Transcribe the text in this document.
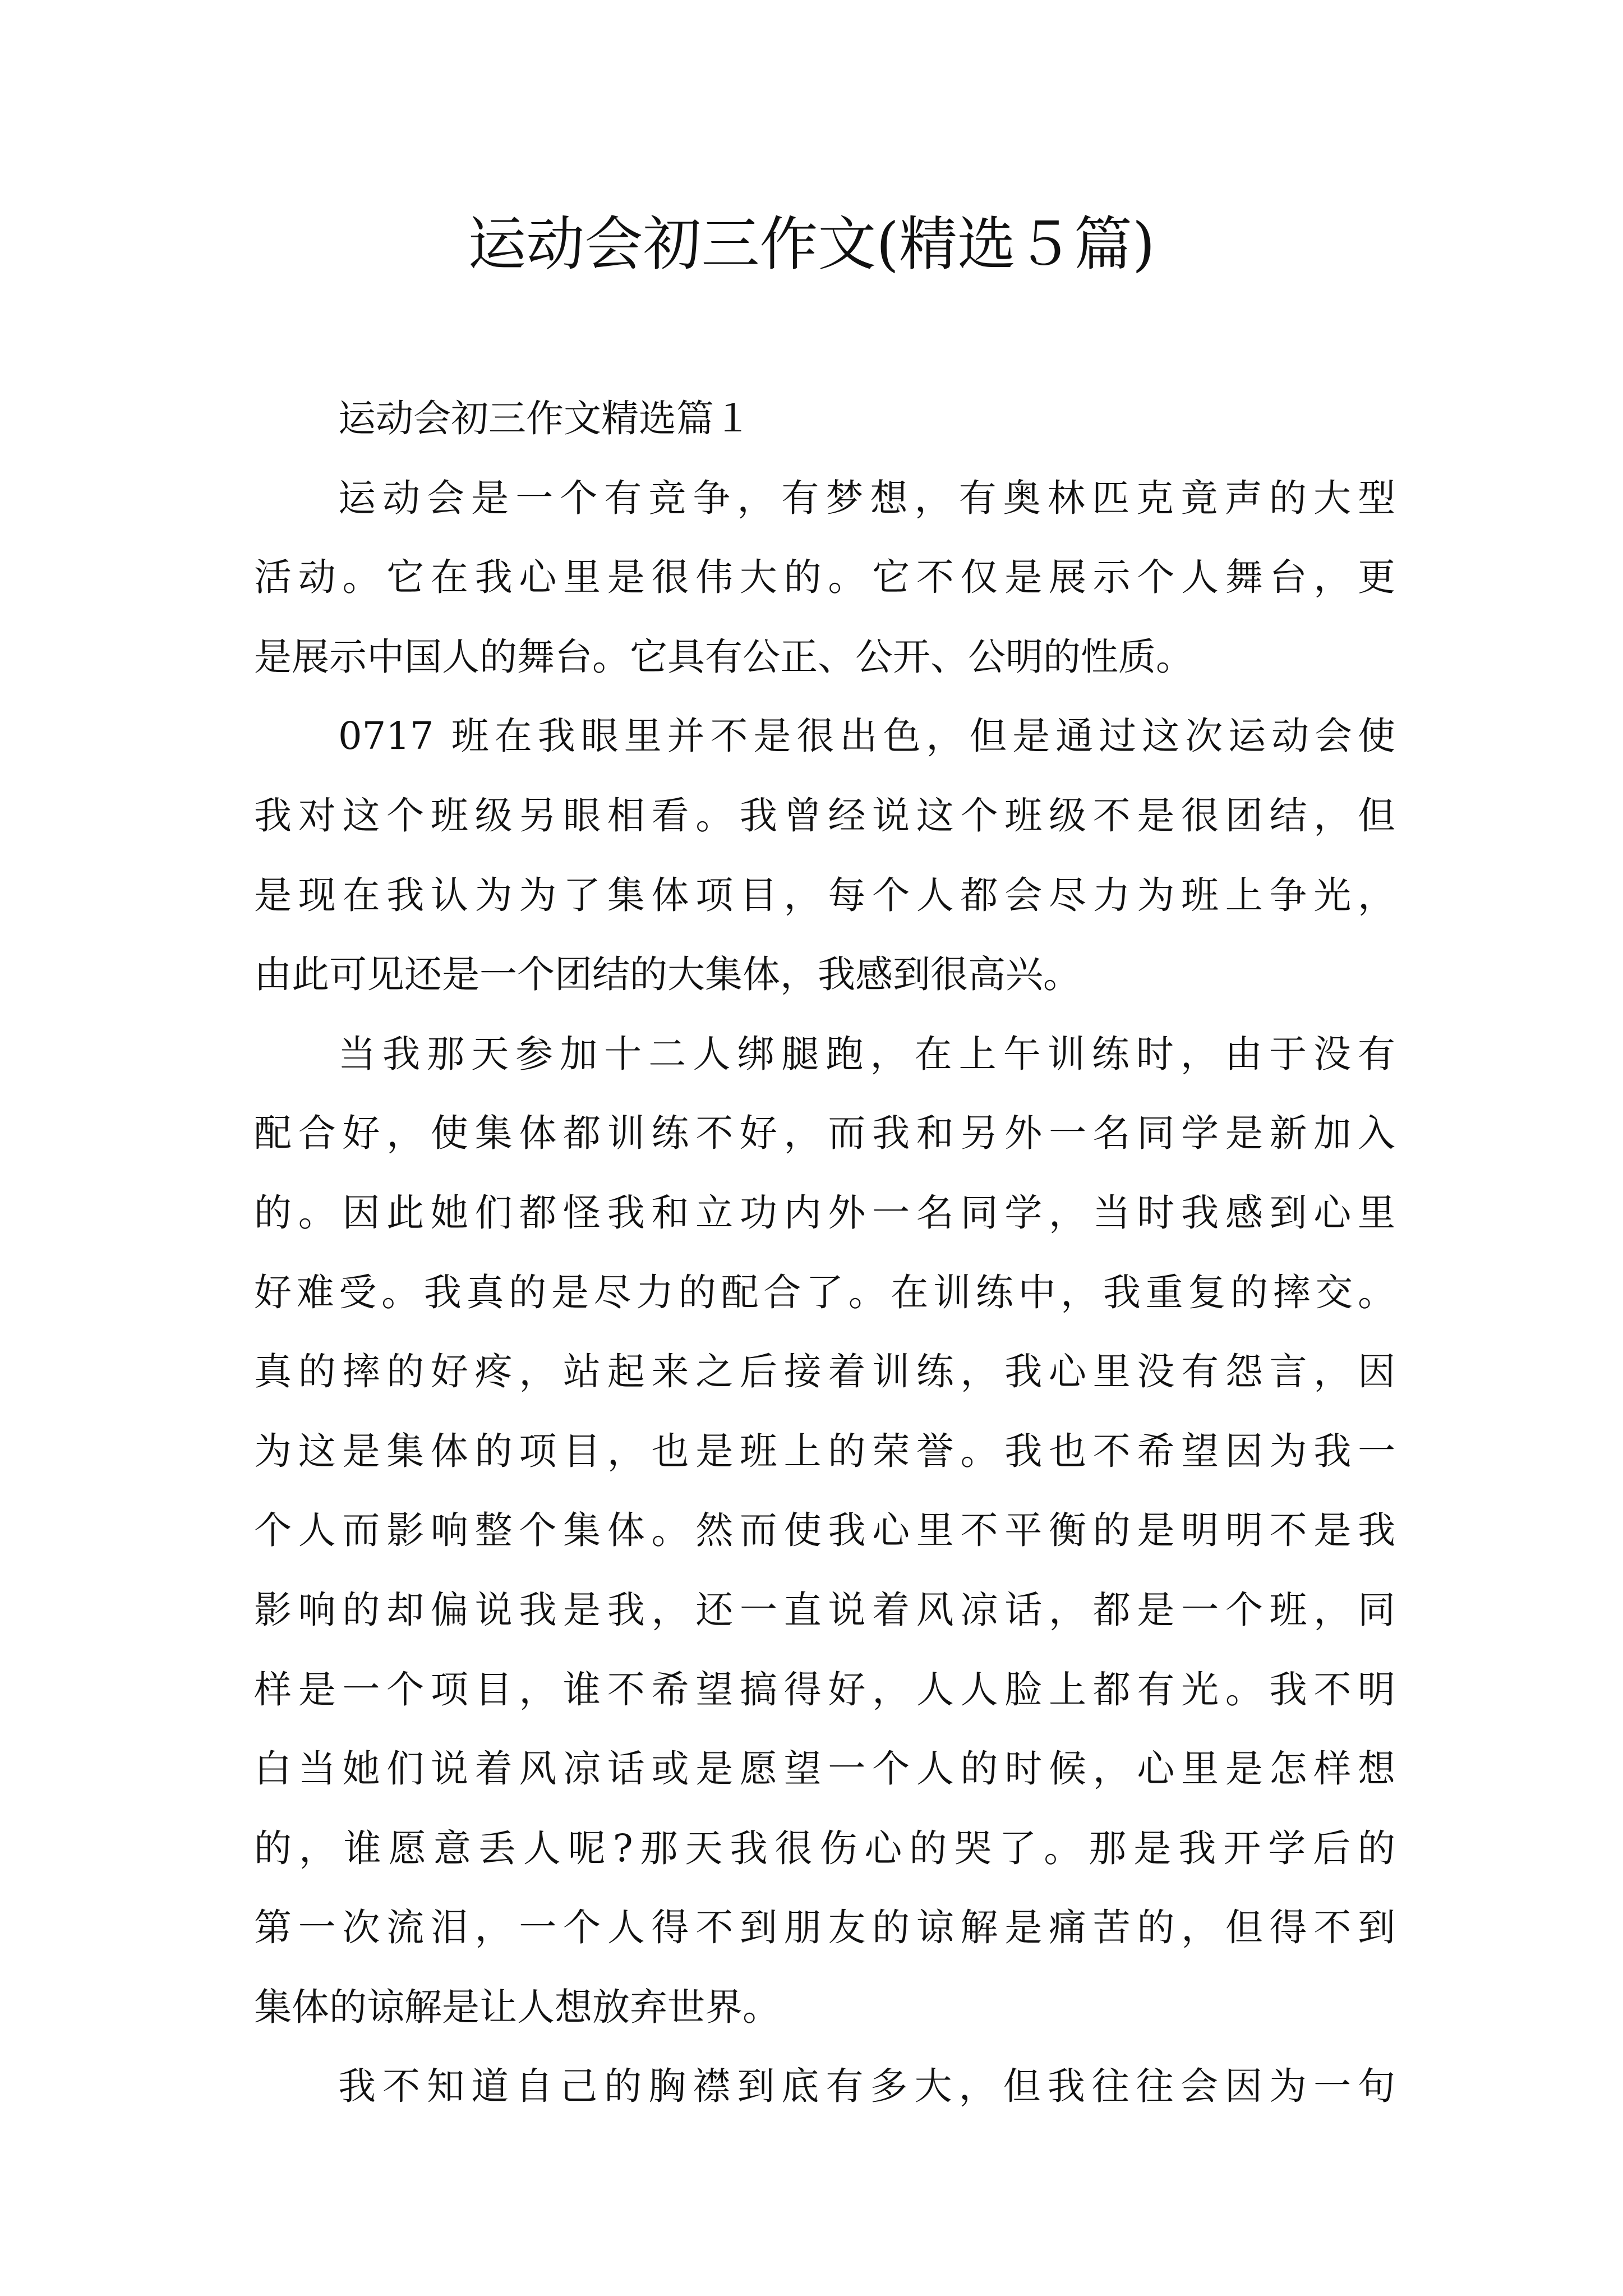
运动会初三作文(精选５篇)
运动会初三作文精选篇１
运动会是一个有竞争，有梦想，有奥林匹克竟声的大型
活动。它在我心里是很伟大的。它不仅是展示个人舞台，更
是展示中国人的舞台。它具有公正、公开、公明的性质。
0717 班在我眼里并不是很出色，但是通过这次运动会使
我对这个班级另眼相看。我曾经说这个班级不是很团结，但
是现在我认为为了集体项目，每个人都会尽力为班上争光，
由此可见还是一个团结的大集体，我感到很高兴。
当我那天参加十二人绑腿跑，在上午训练时，由于没有
配合好，使集体都训练不好，而我和另外一名同学是新加入
的。因此她们都怪我和立功内外一名同学，当时我感到心里
好难受。我真的是尽力的配合了。在训练中，我重复的摔交。
真的摔的好疼，站起来之后接着训练，我心里没有怨言，因
为这是集体的项目，也是班上的荣誉。我也不希望因为我一
个人而影响整个集体。然而使我心里不平衡的是明明不是我
影响的却偏说我是我，还一直说着风凉话，都是一个班，同
样是一个项目，谁不希望搞得好，人人脸上都有光。我不明
白当她们说着风凉话或是愿望一个人的时候，心里是怎样想
的，谁愿意丢人呢?那天我很伤心的哭了。那是我开学后的
第一次流泪，一个人得不到朋友的谅解是痛苦的，但得不到
集体的谅解是让人想放弃世界。
我不知道自己的胸襟到底有多大，但我往往会因为一句
